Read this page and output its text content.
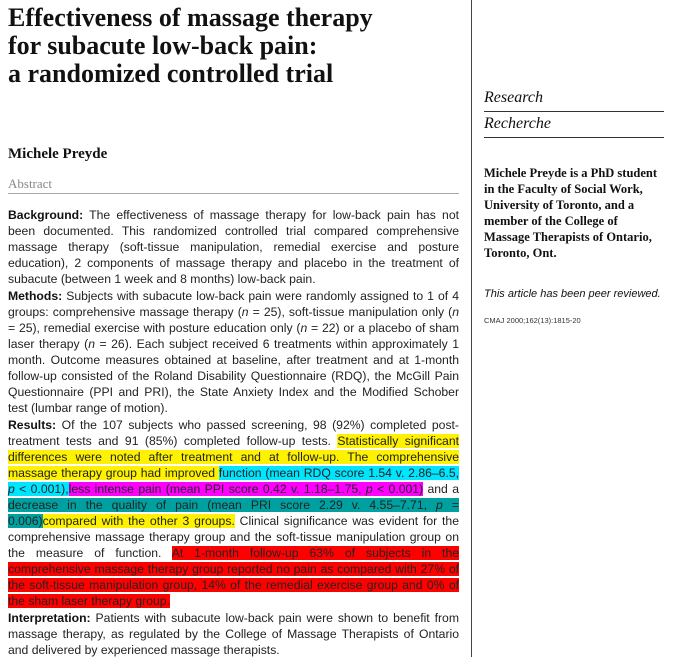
Effectiveness of massage therapy
for subacute low-back pain:
a randomized controlled trial
Research
Recherche
Michele Preyde is a PhD student in the Faculty of Social Work, University of Toronto, and a member of the College of Massage Therapists of Ontario, Toronto, Ont.
This article has been peer reviewed.
CMAJ 2000;162(13):1815-20
Michele Preyde
Abstract

Background: The effectiveness of massage therapy for low-back pain has not been documented. This randomized controlled trial compared comprehensive massage therapy (soft-tissue manipulation, remedial exercise and posture education), 2 components of massage therapy and placebo in the treatment of subacute (between 1 week and 8 months) low-back pain.

Methods: Subjects with subacute low-back pain were randomly assigned to 1 of 4 groups: comprehensive massage therapy (n = 25), soft-tissue manipulation only (n = 25), remedial exercise with posture education only (n = 22) or a placebo of sham laser therapy (n = 26). Each subject received 6 treatments within approximately 1 month. Outcome measures obtained at baseline, after treatment and at 1-month follow-up consisted of the Roland Disability Questionnaire (RDQ), the McGill Pain Questionnaire (PPI and PRI), the State Anxiety Index and the Modified Schober test (lumbar range of motion).

Results: Of the 107 subjects who passed screening, 98 (92%) completed post-treatment tests and 91 (85%) completed follow-up tests. Statistically significant differences were noted after treatment and at follow-up. The comprehensive massage therapy group had improved function (mean RDQ score 1.54 v. 2.86–6.5, p < 0.001),less intense pain (mean PPI score 0.42 v. 1.18–1.75, p < 0.001) and a decrease in the quality of pain (mean PRI score 2.29 v. 4.55–7.71, p = 0.006)compared with the other 3 groups. Clinical significance was evident for the comprehensive massage therapy group and the soft-tissue manipulation group on the measure of function. At 1-month follow-up 63% of subjects in the comprehensive massage therapy group reported no pain as compared with 27% of the soft-tissue manipulation group, 14% of the remedial exercise group and 0% of the sham laser therapy group.

Interpretation: Patients with subacute low-back pain were shown to benefit from massage therapy, as regulated by the College of Massage Therapists of Ontario and delivered by experienced massage therapists.
